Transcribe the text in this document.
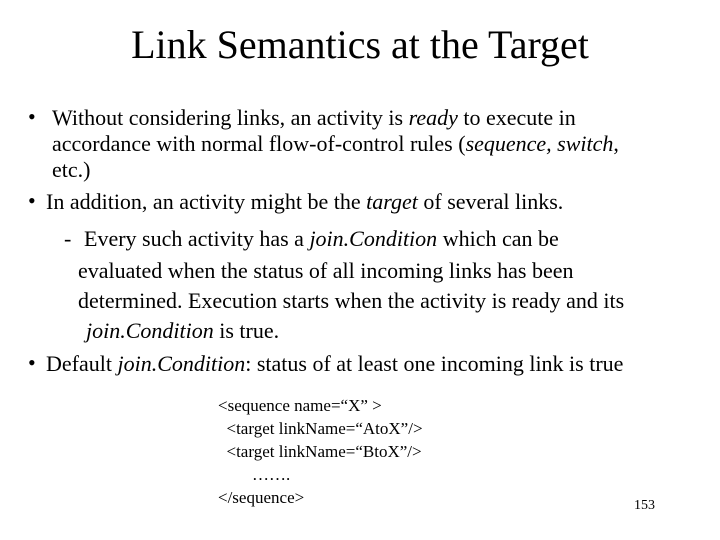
Link Semantics at the Target
• Without considering links, an activity is ready to execute in
accordance with normal flow-of-control rules (sequence, switch,
etc.)
• In addition, an activity might be the target of several links.
- Every such activity has a join.Condition which can be
evaluated when the status of all incoming links has been
determined. Execution starts when the activity is ready and its
join.Condition is true.
• Default join.Condition: status of at least one incoming link is true
<sequence name=“X” >
<target linkName=“AtoX”/>
<target linkName=“BtoX”/>
…….
</sequence>	153
